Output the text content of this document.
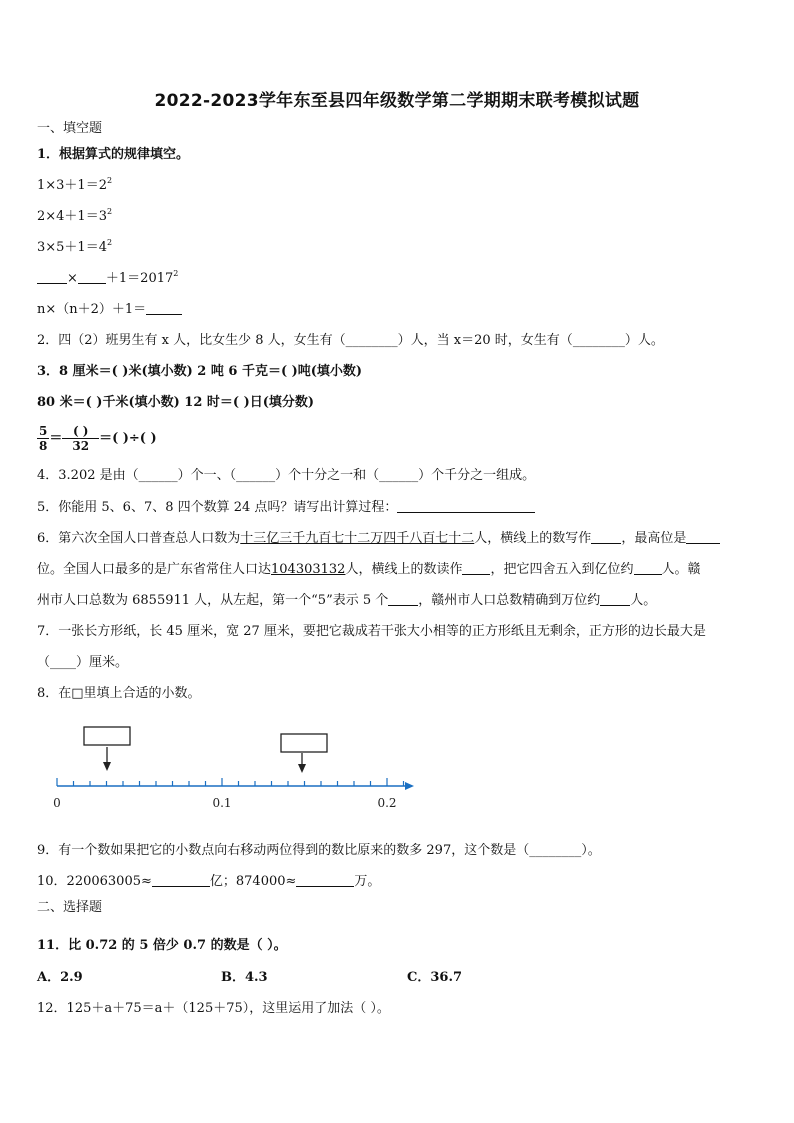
2022-2023学年东至县四年级数学第二学期期末联考模拟试题
一、填空题
1．根据算式的规律填空。
$1\times 3+1=2^2$
$2\times 4+1=3^2$
$3\times 5+1=4^2$
× $+1=2017^2$
n×（n＋2）＋1＝
2．四（2）班男生有 x 人，比女生少 8 人，女生有（________）人，当 x＝20 时，女生有（________）人。
3．8 厘米＝( )米(填小数) 2 吨 6 千克＝( )吨(填小数)
80 米＝( )千米(填小数) 12 时＝( )日(填分数)
$\frac{5}{8} = \frac{( )}{32}$ ＝( )÷( )
4．3.202 是由（______）个一、（______）个十分之一和（______）个千分之一组成。
5．你能用 5、6、7、8 四个数算 24 点吗？请写出计算过程：
6．第六次全国人口普查总人口数为十三亿三千九百七十二万四千八百七十二人，横线上的数写作 ，最高位是
位。全国人口最多的是广东省常住人口达104303132人，横线上的数读作 ，把它四舍五入到亿位约 人。赣
州市人口总数为 6855911 人，从左起，第一个“5”表示 5 个 ，赣州市人口总数精确到万位约 人。
7．一张长方形纸，长 45 厘米，宽 27 厘米，要把它裁成若干张大小相等的正方形纸且无剩余，正方形的边长最大是
（____）厘米。
8．在□里填上合适的小数。
0	0.1	0.2
9．有一个数如果把它的小数点向右移动两位得到的数比原来的数多 297，这个数是（________）。
10．220063005≈	亿；874000≈	万。
二、选择题
11．比 0.72 的 5 倍少 0.7 的数是（ ）。
A．2.9	B．4.3	C．36.7
12．125＋a＋75＝a＋（125＋75），这里运用了加法（ ）。
